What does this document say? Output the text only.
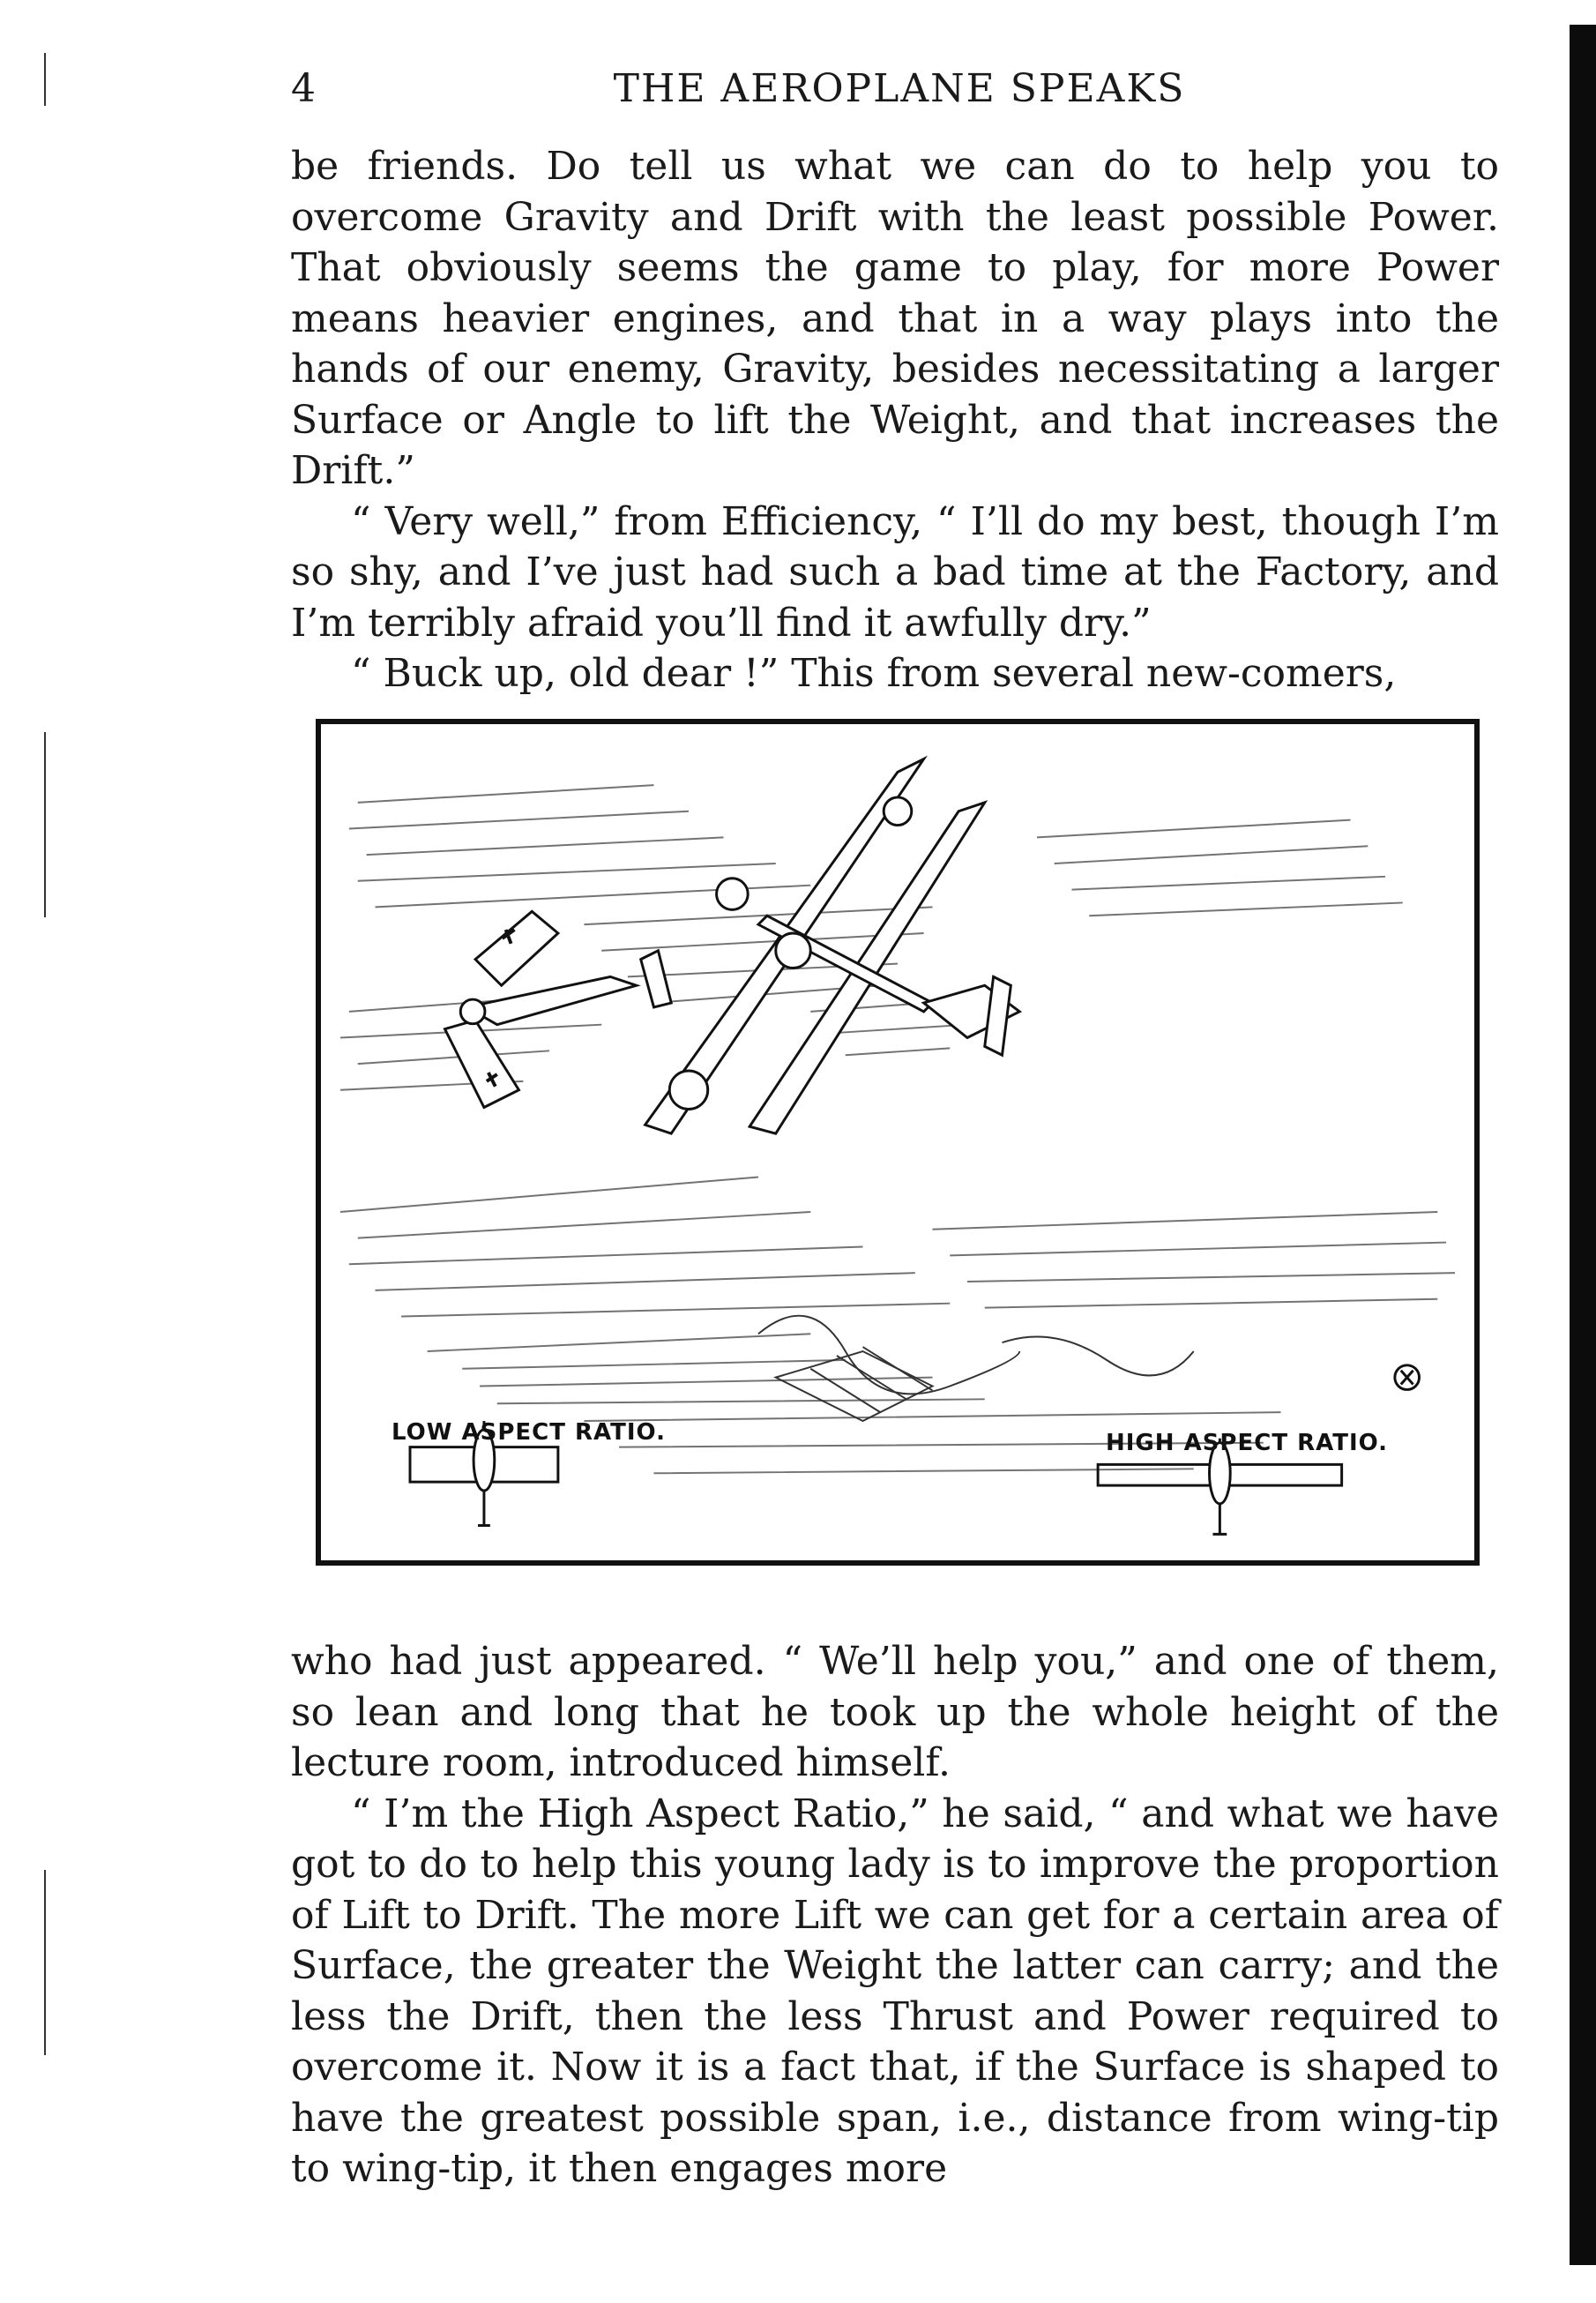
4	THE AEROPLANE SPEAKS

be friends. Do tell us what we can do to help you to overcome Gravity and Drift with the least possible Power. That obviously seems the game to play, for more Power means heavier engines, and that in a way plays into the hands of our enemy, Gravity, besides necessitating a larger Surface or Angle to lift the Weight, and that increases the Drift.”

“ Very well,” from Efficiency, “ I’ll do my best, though I’m so shy, and I’ve just had such a bad time at the Factory, and I’m terribly afraid you’ll find it awfully dry.”

“ Buck up, old dear !” This from several new-comers,

LOW ASPECT RATIO.	HIGH ASPECT RATIO.

who had just appeared. “ We’ll help you,” and one of them, so lean and long that he took up the whole height of the lecture room, introduced himself.

“ I’m the High Aspect Ratio,” he said, “ and what we have got to do to help this young lady is to improve the proportion of Lift to Drift. The more Lift we can get for a certain area of Surface, the greater the Weight the latter can carry; and the less the Drift, then the less Thrust and Power required to overcome it. Now it is a fact that, if the Surface is shaped to have the greatest possible span, i.e., distance from wing-tip to wing-tip, it then engages more
